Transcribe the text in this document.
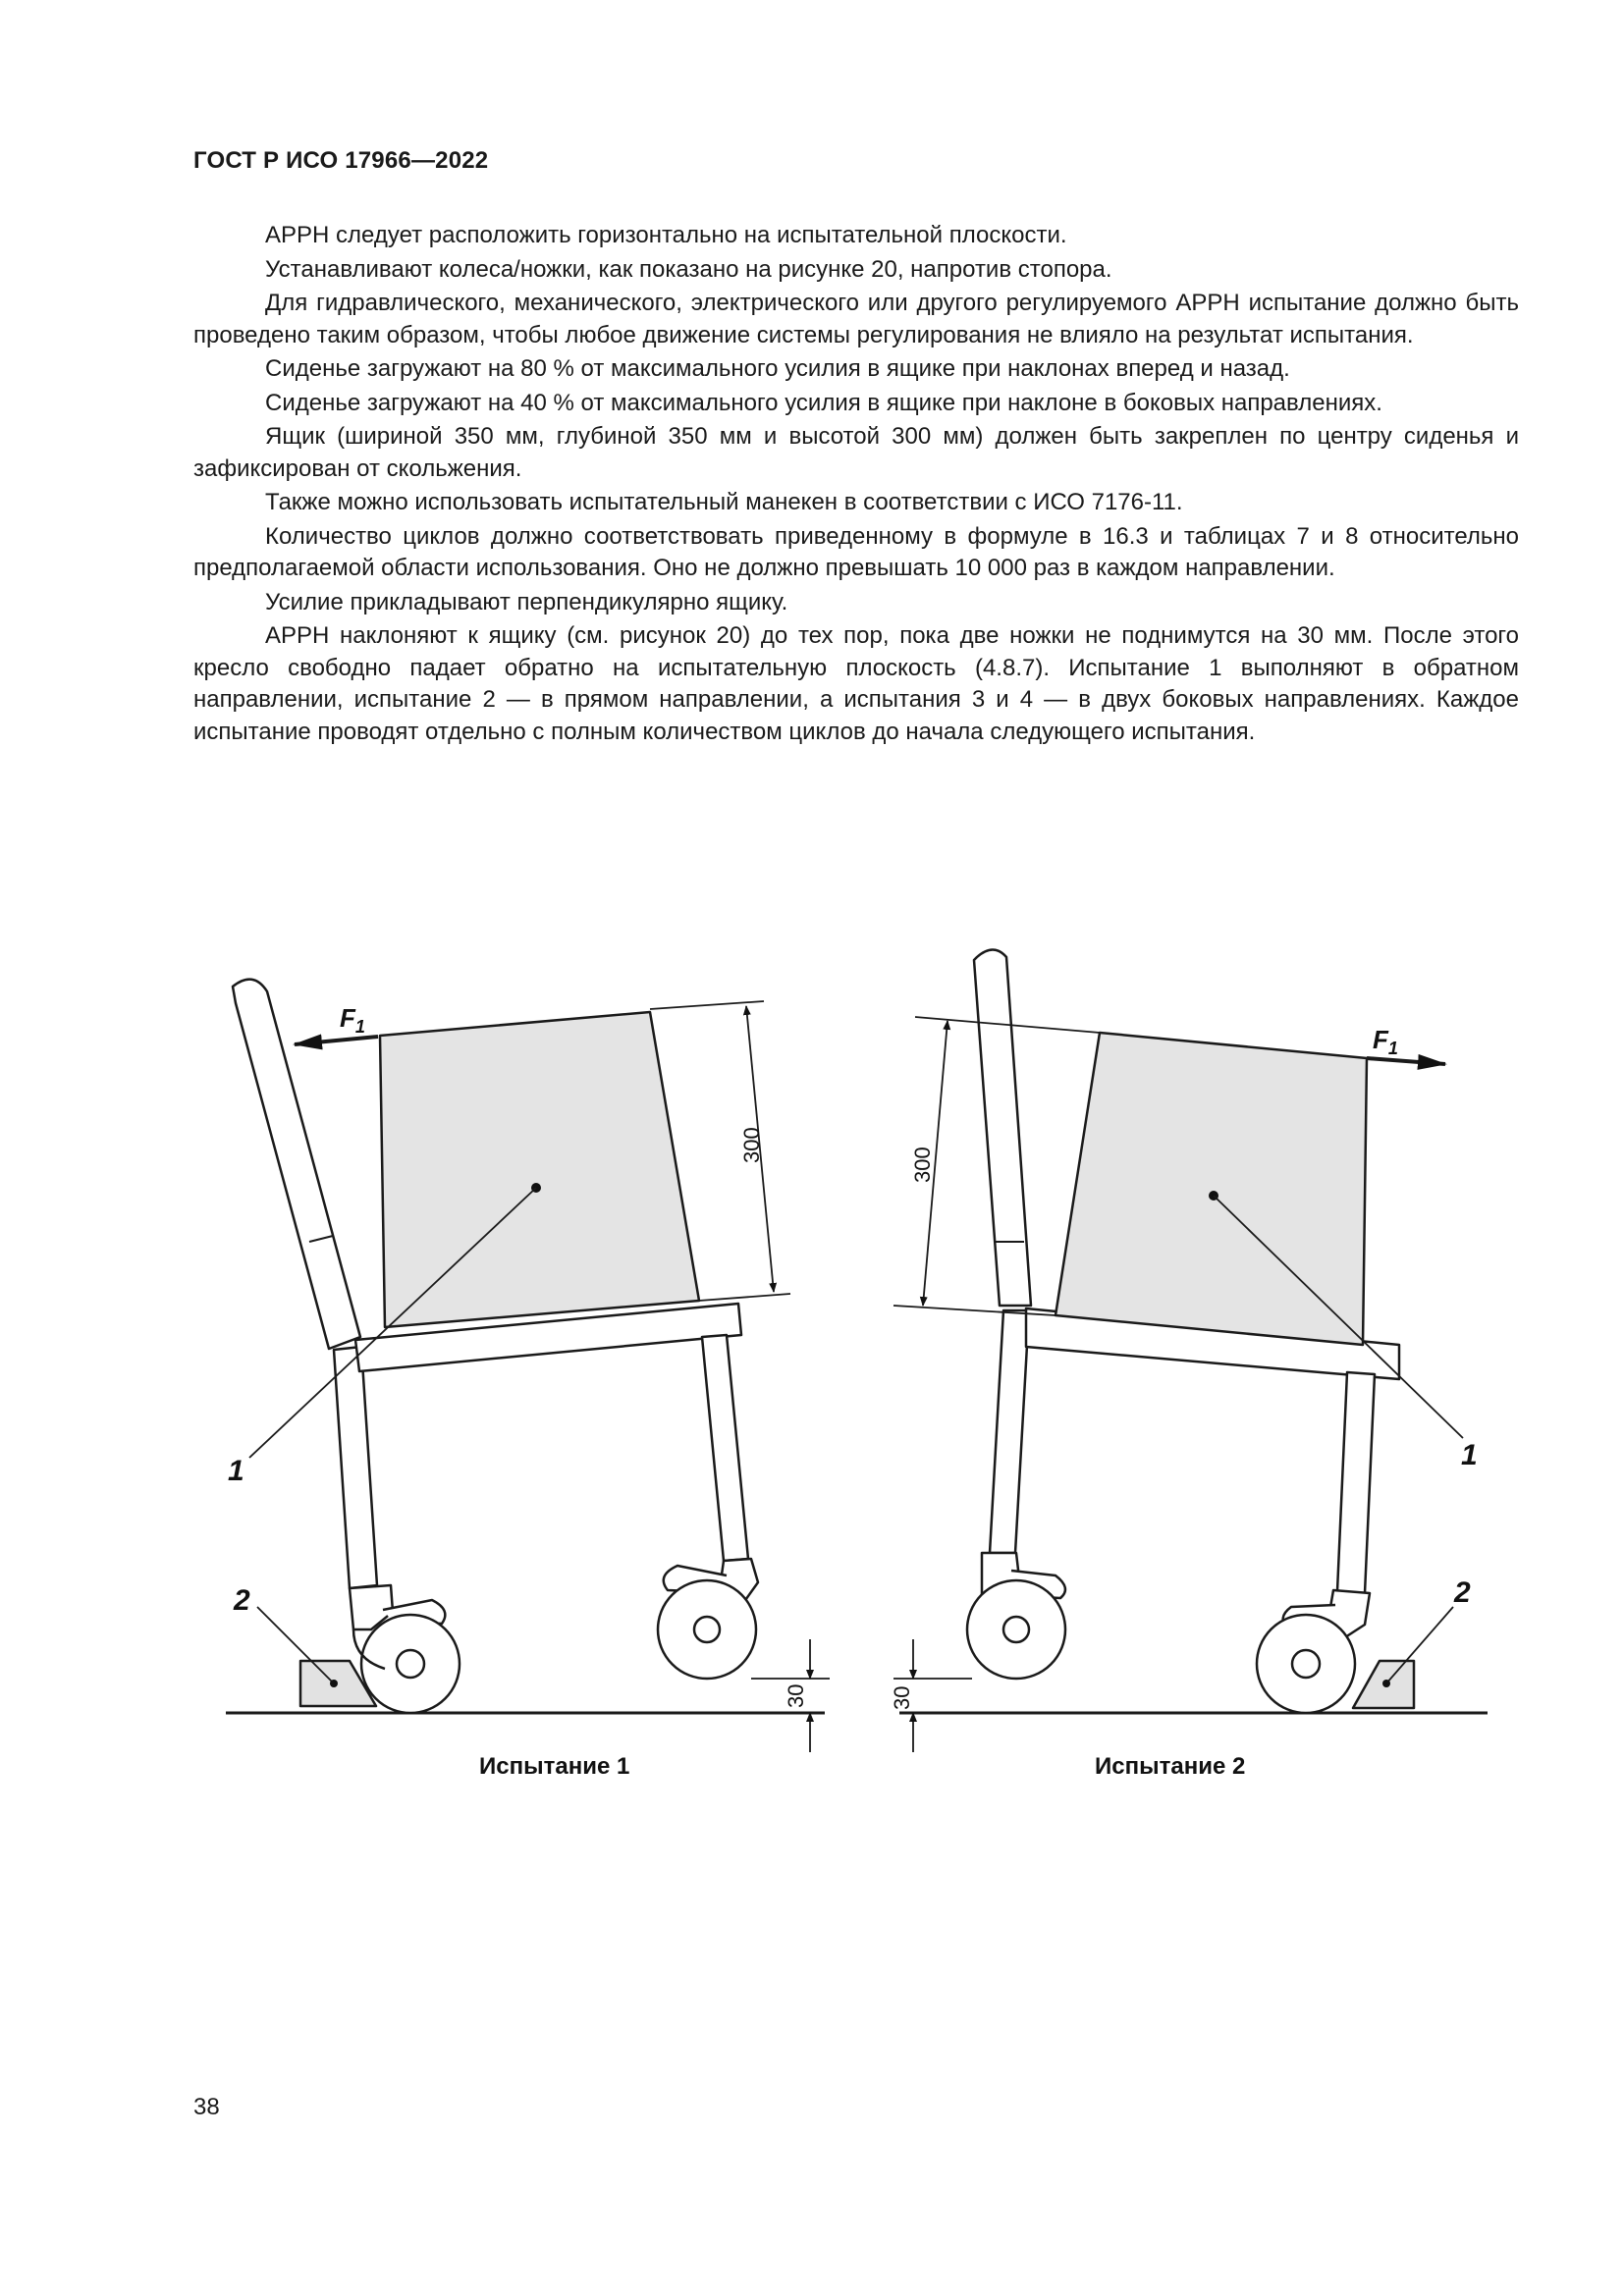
ГОСТ Р ИСО 17966—2022

АРРН следует расположить горизонтально на испытательной плоскости.

Устанавливают колеса/ножки, как показано на рисунке 20, напротив стопора.

Для гидравлического, механического, электрического или другого регулируемого АРРН испытание должно быть проведено таким образом, чтобы любое движение системы регулирования не влияло на результат испытания.

Сиденье загружают на 80 % от максимального усилия в ящике при наклонах вперед и назад.

Сиденье загружают на 40 % от максимального усилия в ящике при наклоне в боковых направлениях.

Ящик (шириной 350 мм, глубиной 350 мм и высотой 300 мм) должен быть закреплен по центру сиденья и зафиксирован от скольжения.

Также можно использовать испытательный манекен в соответствии с ИСО 7176-11.

Количество циклов должно соответствовать приведенному в формуле в 16.3 и таблицах 7 и 8 относительно предполагаемой области использования. Оно не должно превышать 10 000 раз в каждом направлении.

Усилие прикладывают перпендикулярно ящику.

АРРН наклоняют к ящику (см. рисунок 20) до тех пор, пока две ножки не поднимутся на 30 мм. После этого кресло свободно падает обратно на испытательную плоскость (4.8.7). Испытание 1 выполняют в обратном направлении, испытание 2 — в прямом направлении, а испытания 3 и 4 — в двух боковых направлениях. Каждое испытание проводят отдельно с полным количеством циклов до начала следующего испытания.

$F_1$
300
30
1
2
Испытание 1
$F_1$
300
30
1
2
Испытание 2
38
